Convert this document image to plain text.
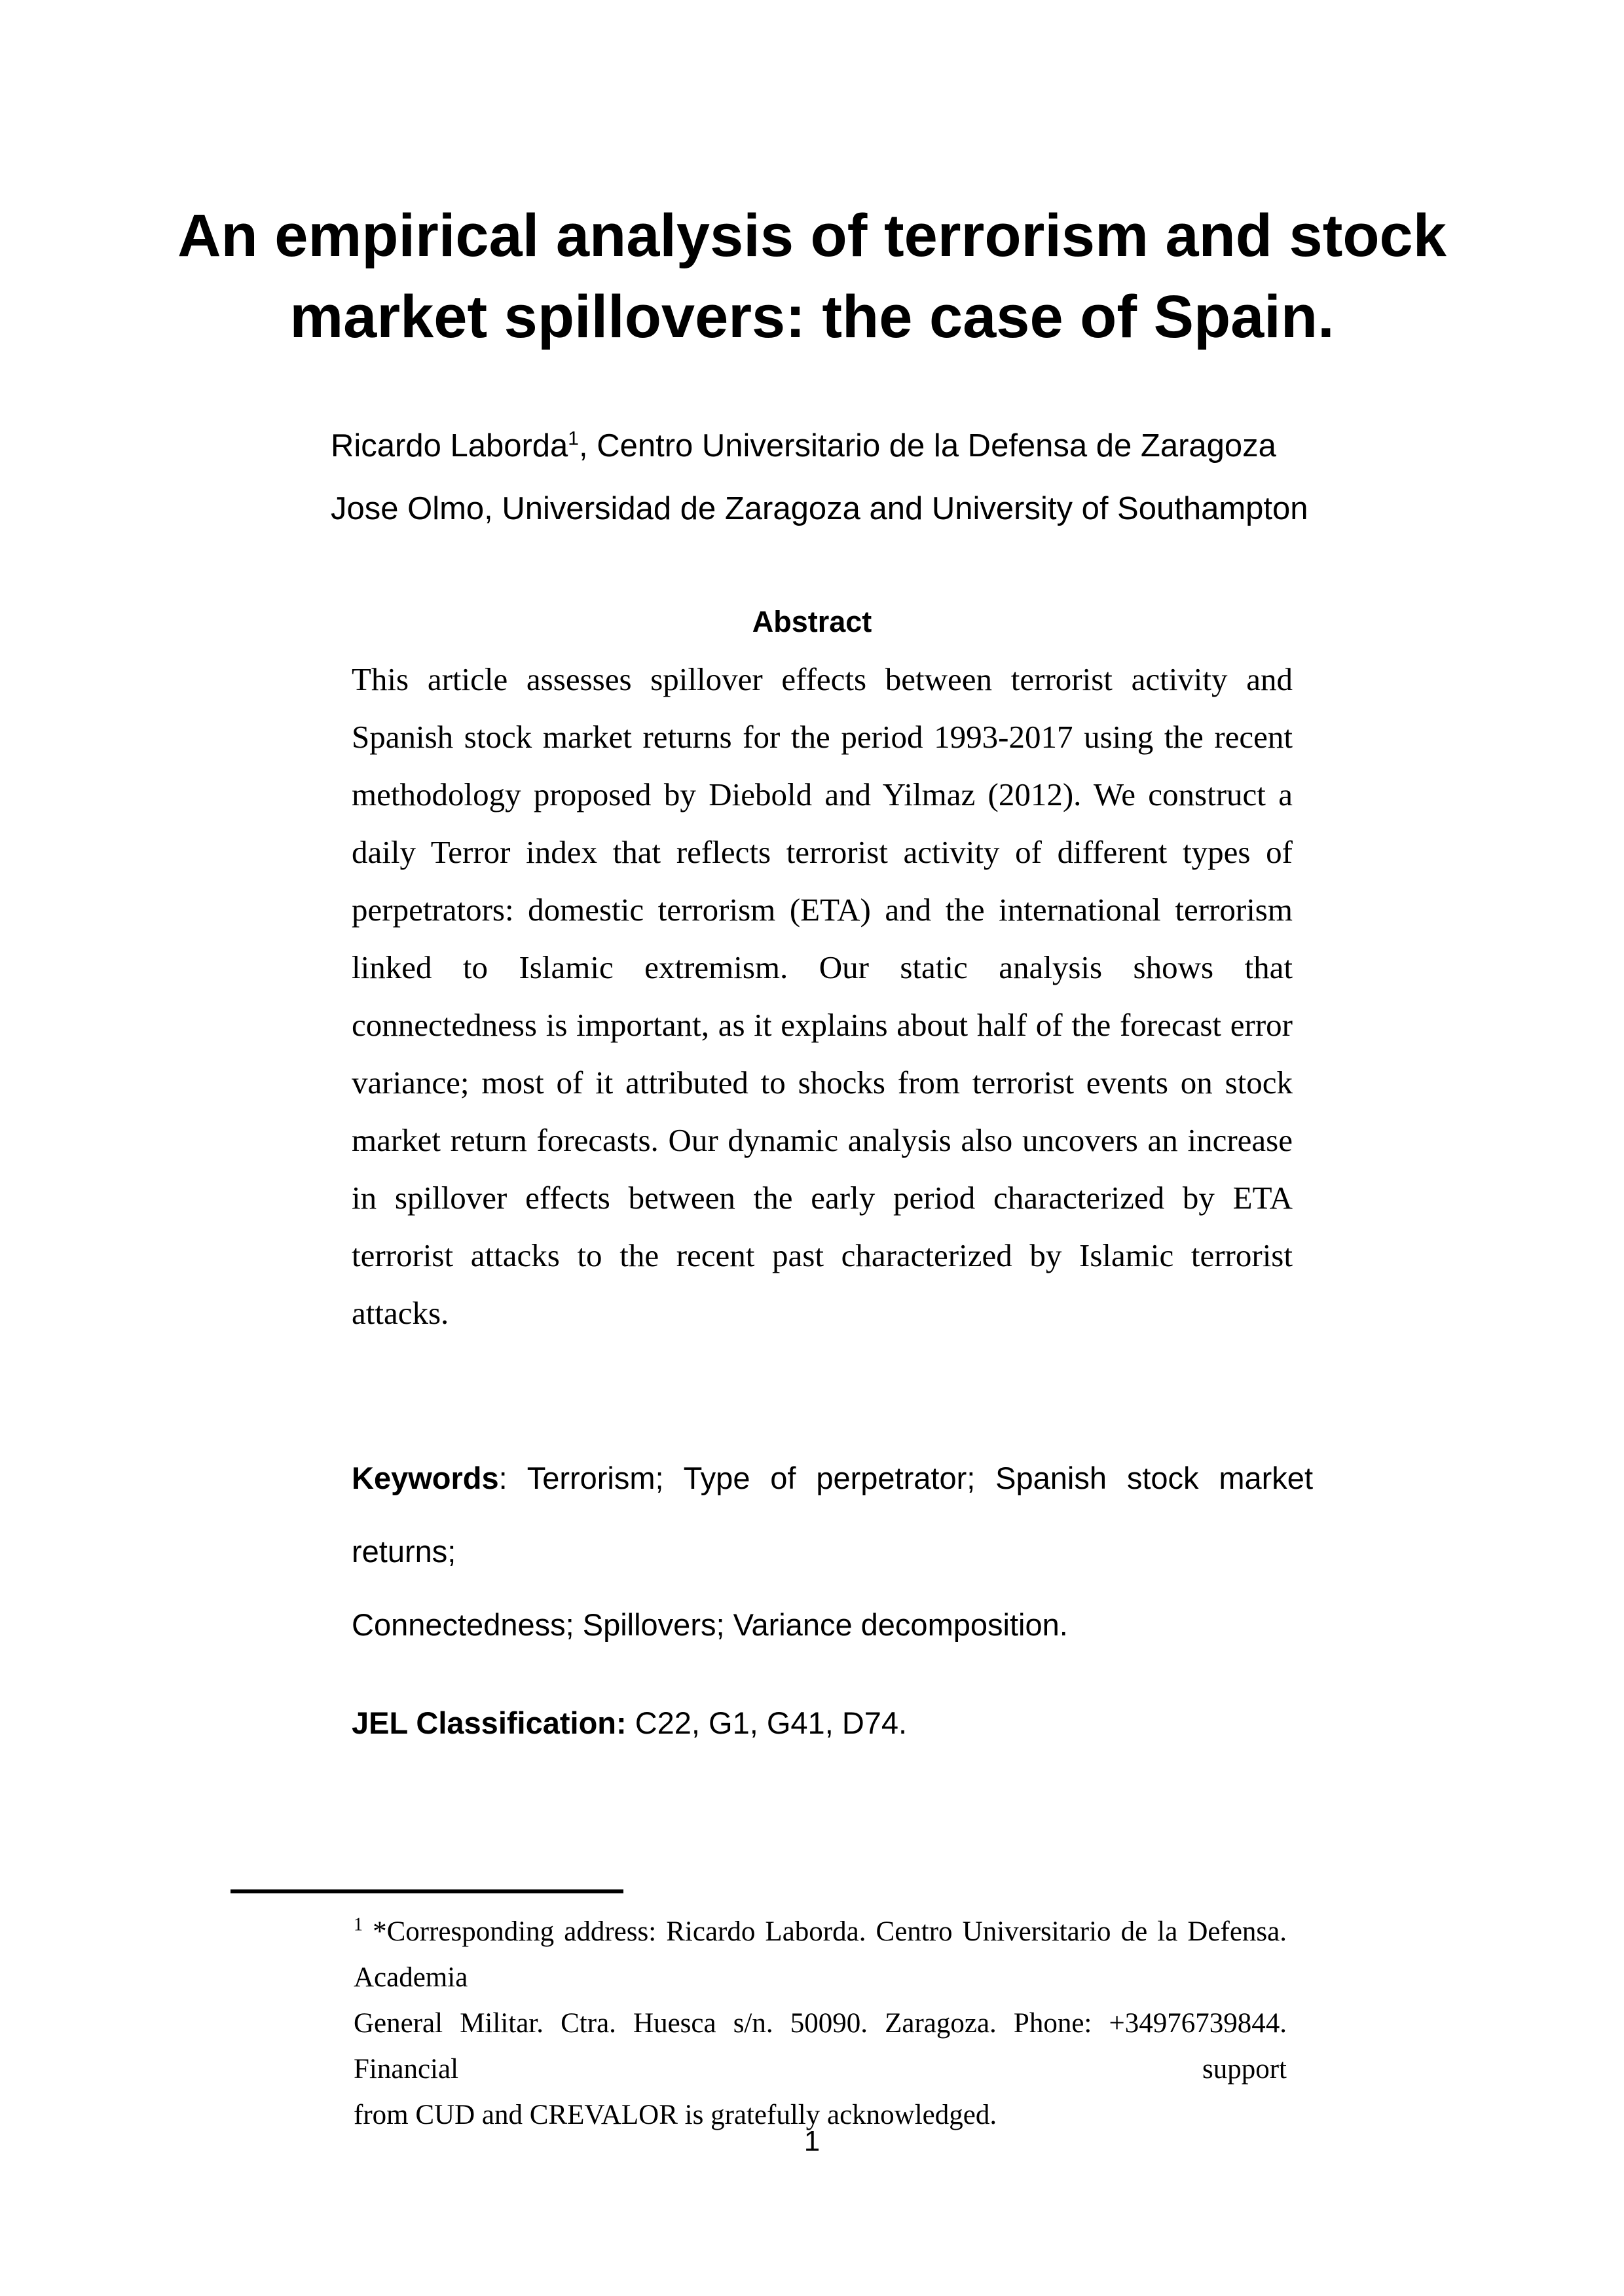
An empirical analysis of terrorism and stock
market spillovers: the case of Spain.
Ricardo Laborda$^1$, Centro Universitario de la Defensa de Zaragoza
Jose Olmo, Universidad de Zaragoza and University of Southampton
Abstract
This article assesses spillover effects between terrorist activity and
Spanish stock market returns for the period 1993-2017 using the recent
methodology proposed by Diebold and Yilmaz (2012). We construct a
daily Terror index that reflects terrorist activity of different types of
perpetrators: domestic terrorism (ETA) and the international terrorism
linked to Islamic extremism. Our static analysis shows that
connectedness is important, as it explains about half of the forecast error
variance; most of it attributed to shocks from terrorist events on stock
market return forecasts. Our dynamic analysis also uncovers an increase
in spillover effects between the early period characterized by ETA
terrorist attacks to the recent past characterized by Islamic terrorist
attacks.
Keywords: Terrorism; Type of perpetrator; Spanish stock market returns;
Connectedness; Spillovers; Variance decomposition.
JEL Classification: C22, G1, G41, D74.
$^1$ *Corresponding address: Ricardo Laborda. Centro Universitario de la Defensa. Academia
General Militar. Ctra. Huesca s/n. 50090. Zaragoza. Phone: +34976739844. Financial support
from CUD and CREVALOR is gratefully acknowledged.
1
